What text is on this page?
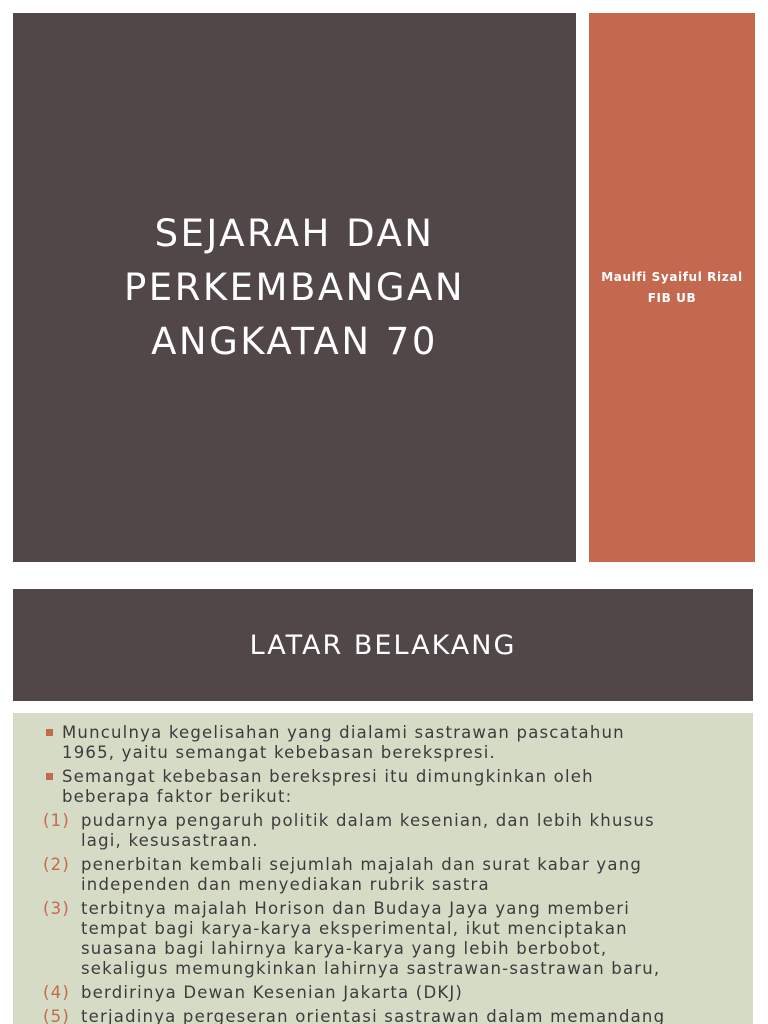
SEJARAH DAN
PERKEMBANGAN
ANGKATAN 70
Maulfi Syaiful Rizal
FIB UB
LATAR BELAKANG
Munculnya kegelisahan yang dialami sastrawan pascatahun
1965, yaitu semangat kebebasan berekspresi.
Semangat kebebasan berekspresi itu dimungkinkan oleh
beberapa faktor berikut:
(1) pudarnya pengaruh politik dalam kesenian, dan lebih khusus
lagi, kesusastraan.
(2) penerbitan kembali sejumlah majalah dan surat kabar yang
independen dan menyediakan rubrik sastra
(3) terbitnya majalah Horison dan Budaya Jaya yang memberi
tempat bagi karya-karya eksperimental, ikut menciptakan
suasana bagi lahirnya karya-karya yang lebih berbobot,
sekaligus memungkinkan lahirnya sastrawan-sastrawan baru,
(4) berdirinya Dewan Kesenian Jakarta (DKJ)
(5) terjadinya pergeseran orientasi sastrawan dalam memandang
